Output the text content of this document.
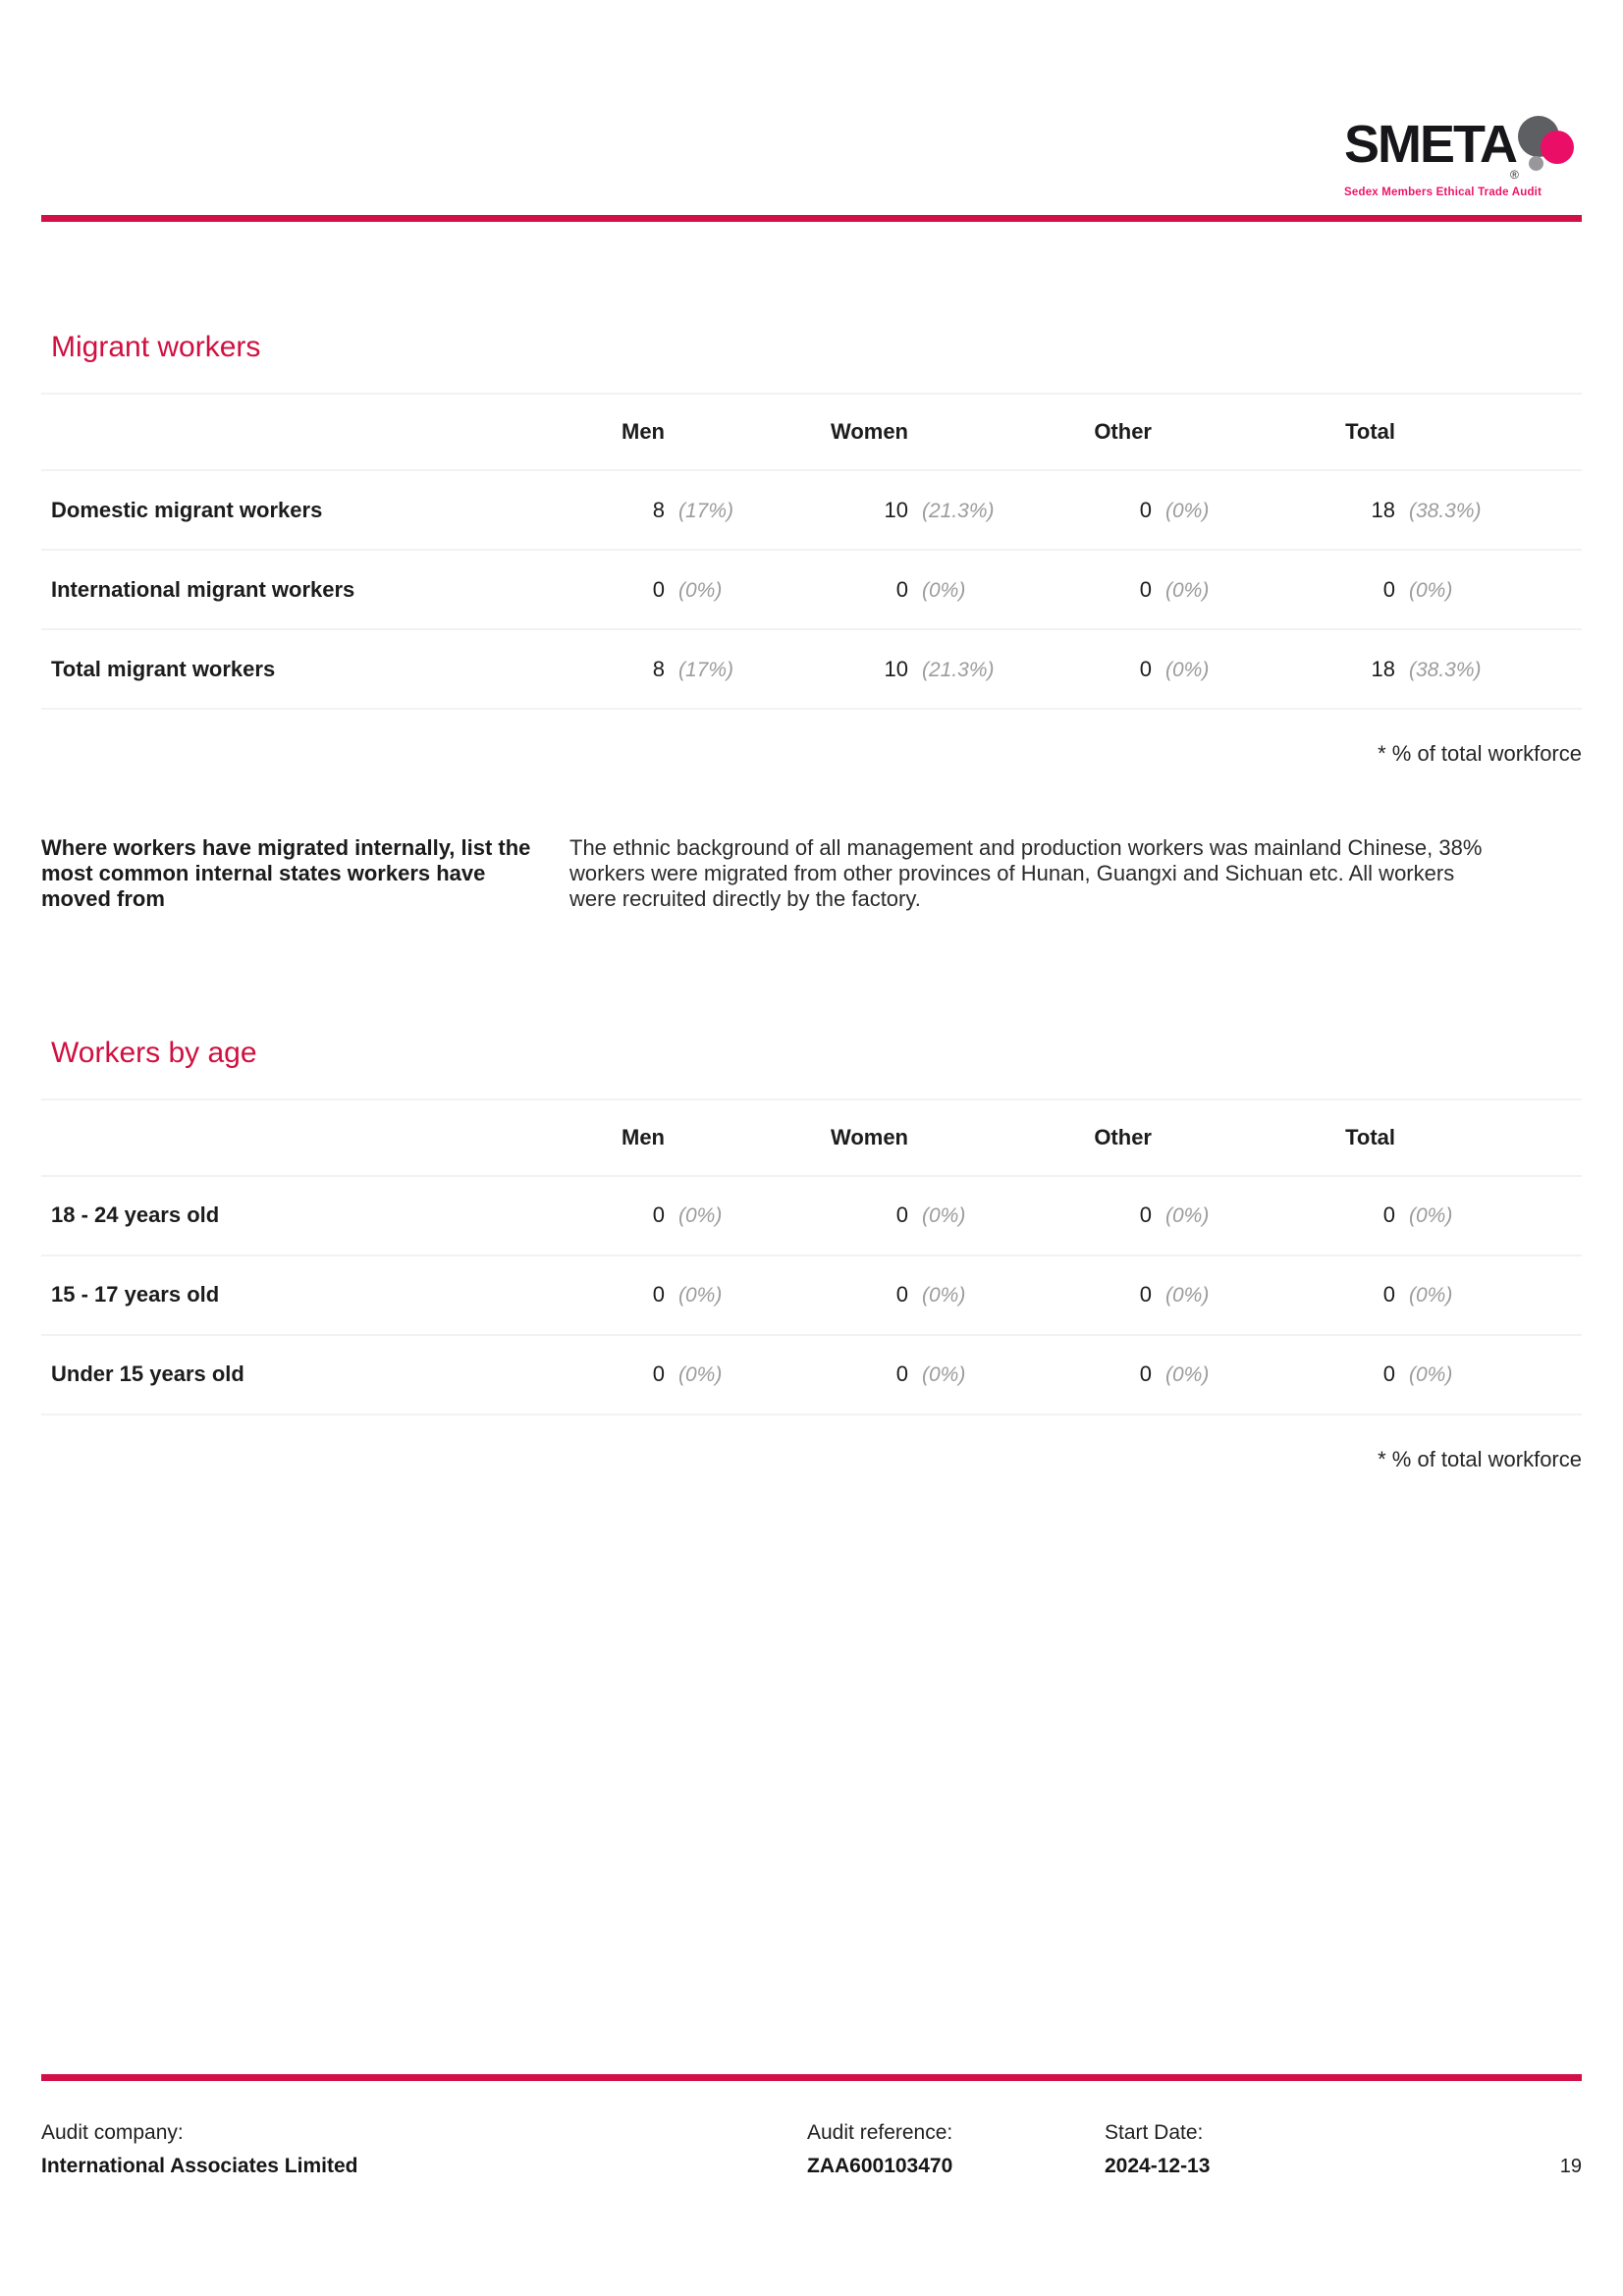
SMETA
®
Sedex Members Ethical Trade Audit
Migrant workers
Men	Women	Other	Total
Domestic migrant workers	8 (17%)	10 (21.3%)	0 (0%)	18 (38.3%)
International migrant workers	0 (0%)	0 (0%)	0 (0%)	0 (0%)
Total migrant workers	8 (17%)	10 (21.3%)	0 (0%)	18 (38.3%)
* % of total workforce
Where workers have migrated internally, list the most common internal states workers have moved from
The ethnic background of all management and production workers was mainland Chinese, 38% workers were migrated from other provinces of Hunan, Guangxi and Sichuan etc. All workers were recruited directly by the factory.
Workers by age
Men	Women	Other	Total
18 - 24 years old	0 (0%)	0 (0%)	0 (0%)	0 (0%)
15 - 17 years old	0 (0%)	0 (0%)	0 (0%)	0 (0%)
Under 15 years old	0 (0%)	0 (0%)	0 (0%)	0 (0%)
* % of total workforce
Audit company:
International Associates Limited
Audit reference:
ZAA600103470
Start Date:
2024-12-13	19
